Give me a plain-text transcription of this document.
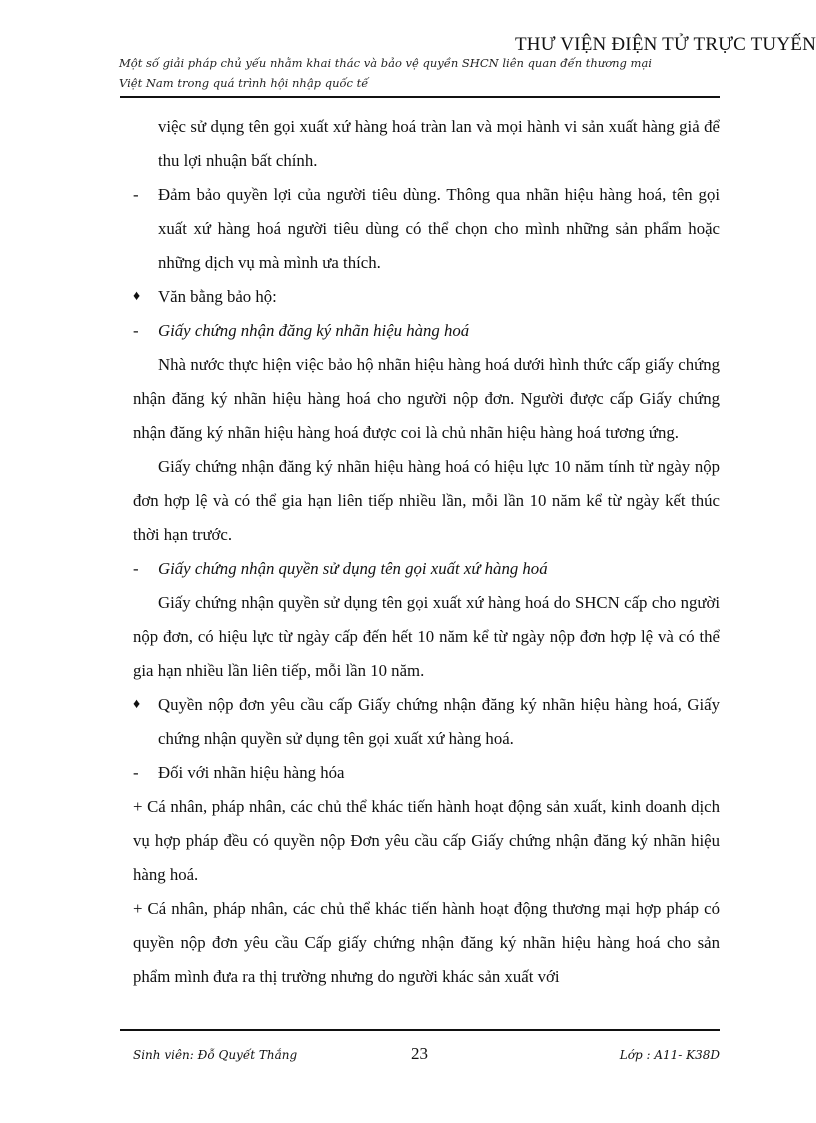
THƯ VIỆN ĐIỆN TỬ TRỰC TUYẾN
Một số giải pháp chủ yếu nhằm khai thác và bảo vệ quyền SHCN liên quan đến thương mại
Việt Nam trong quá trình hội nhập quốc tế

việc sử dụng tên gọi xuất xứ hàng hoá tràn lan và mọi hành vi sản xuất hàng giả để thu lợi nhuận bất chính.

-	Đảm bảo quyền lợi của người tiêu dùng. Thông qua nhãn hiệu hàng hoá, tên gọi xuất xứ hàng hoá người tiêu dùng có thể chọn cho mình những sản phẩm hoặc những dịch vụ mà mình ưa thích.
♦	Văn bằng bảo hộ:
-	Giấy chứng nhận đăng ký nhãn hiệu hàng hoá

Nhà nước thực hiện việc bảo hộ nhãn hiệu hàng hoá dưới hình thức cấp giấy chứng nhận đăng ký nhãn hiệu hàng hoá cho người nộp đơn. Người được cấp Giấy chứng nhận đăng ký nhãn hiệu hàng hoá được coi là chủ nhãn hiệu hàng hoá tương ứng.

Giấy chứng nhận đăng ký nhãn hiệu hàng hoá có hiệu lực 10 năm tính từ ngày nộp đơn hợp lệ và có thể gia hạn liên tiếp nhiều lần, mỗi lần 10 năm kể từ ngày kết thúc thời hạn trước.

-	Giấy chứng nhận quyền sử dụng tên gọi xuất xứ hàng hoá

Giấy chứng nhận quyền sử dụng tên gọi xuất xứ hàng hoá do SHCN cấp cho người nộp đơn, có hiệu lực từ ngày cấp đến hết 10 năm kể từ ngày nộp đơn hợp lệ và có thể gia hạn nhiều lần liên tiếp, mỗi lần 10 năm.

♦	Quyền nộp đơn yêu cầu cấp Giấy chứng nhận đăng ký nhãn hiệu hàng hoá, Giấy chứng nhận quyền sử dụng tên gọi xuất xứ hàng hoá.
-	Đối với nhãn hiệu hàng hóa

+ Cá nhân, pháp nhân, các chủ thể khác tiến hành hoạt động sản xuất, kinh doanh dịch vụ hợp pháp đều có quyền nộp Đơn yêu cầu cấp Giấy chứng nhận đăng ký nhãn hiệu hàng hoá.

+ Cá nhân, pháp nhân, các chủ thể khác tiến hành hoạt động thương mại hợp pháp có quyền nộp đơn yêu cầu Cấp giấy chứng nhận đăng ký nhãn hiệu hàng hoá cho sản phẩm mình đưa ra thị trường nhưng do người khác sản xuất với

Sinh viên: Đỗ Quyết Thắng	23	Lớp : A11- K38D
